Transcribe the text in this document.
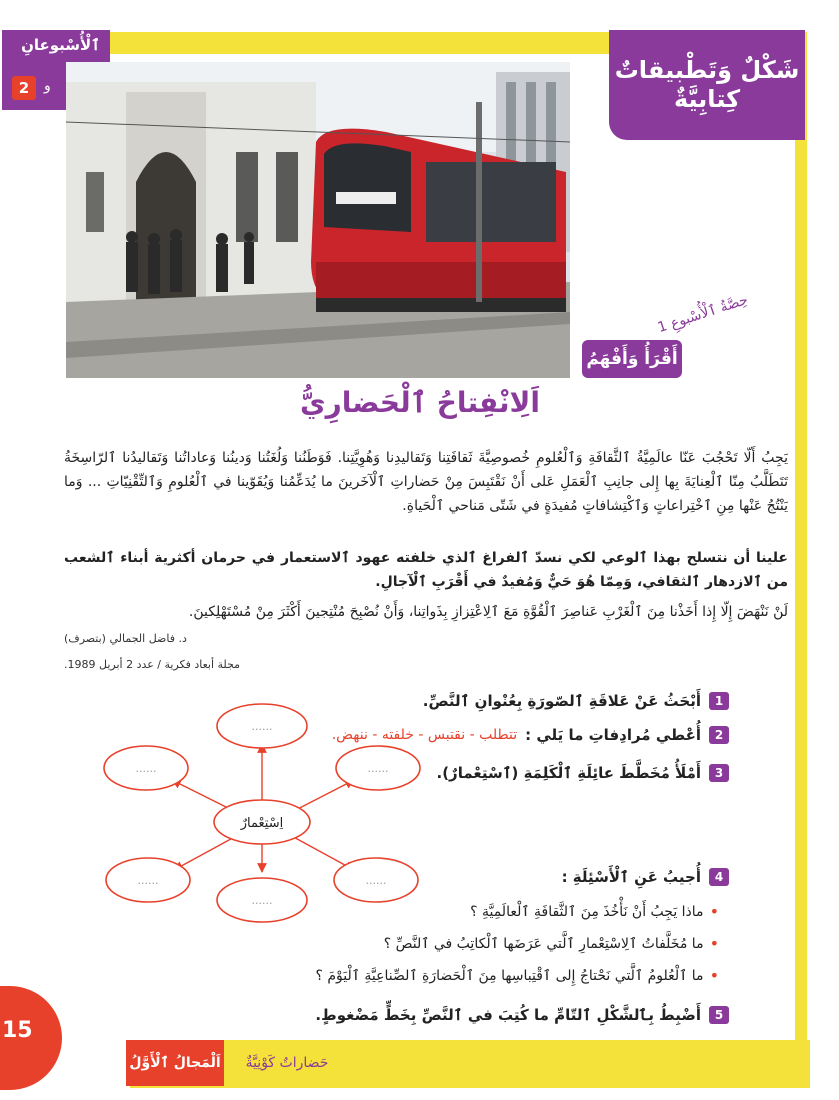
شَكْلٌ وَتَطْبيقاتٌ
كِتابِيَّةٌ
ٱلْأُسْبوعانِ
و
2
حِصَّةُ ٱلْأُسْبوعِ 1
أَقْرَأُ وَأَفْهَمُ
اَلِانْفِتاحُ ٱلْحَضارِيُّ

يَجِبُ أَلّا تَحْجُبَ عَنّا عالَمِيَّةُ ٱلثَّقافَةِ وَٱلْعُلومِ خُصوصِيَّةَ ثَقافَتِنا وَتَقاليدِنا وَهُوِيَّتِنا. فَوَطَنُنا وَلُغَتُنا وَدينُنا وَعاداتُنا وَتَقاليدُنا ٱلرّاسِخَةُ تَتَطَلَّبُ مِنّا ٱلْعِنايَةَ بِها إِلى جانِبِ ٱلْعَمَلِ عَلى أَنْ نَقْتَبِسَ مِنْ حَضاراتِ ٱلْآخَرينَ ما يُدَعِّمُنا وَيُقَوّينا في ٱلْعُلومِ وَٱلتِّقْنِيّاتِ ... وَما يَنْتُجُ عَنْها مِنِ ٱخْتِراعاتٍ وَٱكْتِشافاتٍ مُفيدَةٍ في شَتّى مَناحي ٱلْحَياةِ.

علينا أن نتسلح بهذا ٱلوعي لكي نسدّ ٱلفراغ ٱلذي خلفته عهود ٱلاستعمار في حرمان أكثرية أبناء ٱلشعب من ٱلازدهار ٱلثقافي، وَمِمّا هُوَ حَيٌّ وَمُفيدٌ في أَقْرَبِ ٱلْآجالِ.

لَنْ نَنْهَضَ إِلّا إِذا أَخَذْنا مِنَ ٱلْغَرْبِ عَناصِرَ ٱلْقُوَّةِ مَعَ ٱلِاعْتِزازِ بِذَواتِنا، وَأَنْ نُصْبِحَ مُنْتِجينَ أَكْثَرَ مِنْ مُسْتَهْلِكينَ.

د. فاضل الجمالي (بتصرف)
مجلة أبعاد فكرية / عدد 2 أبريل 1989.
1
أَبْحَثُ عَنْ عَلاقَةِ ٱلصّورَةِ بِعُنْوانِ ٱلنَّصِّ.
2
أُعْطي مُرادِفاتِ ما يَلي :
تتطلب - نقتبس - خلفته - ننهض.
3
أَمْلَأُ مُخَطَّطَ عائِلَةِ ٱلْكَلِمَةِ (ٱسْتِعْمارٌ).
اِسْتِعْمارٌ
......
......	......
......	......
......
4
أُجيبُ عَنِ ٱلْأَسْئِلَةِ :
•
ماذا يَجِبُ أَنْ نَأْخُذَ مِنَ ٱلثَّقافَةِ ٱلْعالَمِيَّةِ ؟
•
ما مُخَلَّفاتُ ٱلِاسْتِعْمارِ ٱلَّتي عَرَضَها ٱلْكاتِبُ في ٱلنَّصِّ ؟
•
ما ٱلْعُلومُ ٱلَّتي نَحْتاجُ إِلى ٱقْتِباسِها مِنَ ٱلْحَضارَةِ ٱلصِّناعِيَّةِ ٱلْيَوْمَ ؟
5
أَضْبِطُ بِٱلشَّكْلِ ٱلتّامِّ ما كُتِبَ في ٱلنَّصِّ بِخَطٍّ مَضْغوطٍ.
15
اَلْمَجالُ ٱلْأَوَّلُ	حَضاراتٌ كَوْنِيَّةٌ
